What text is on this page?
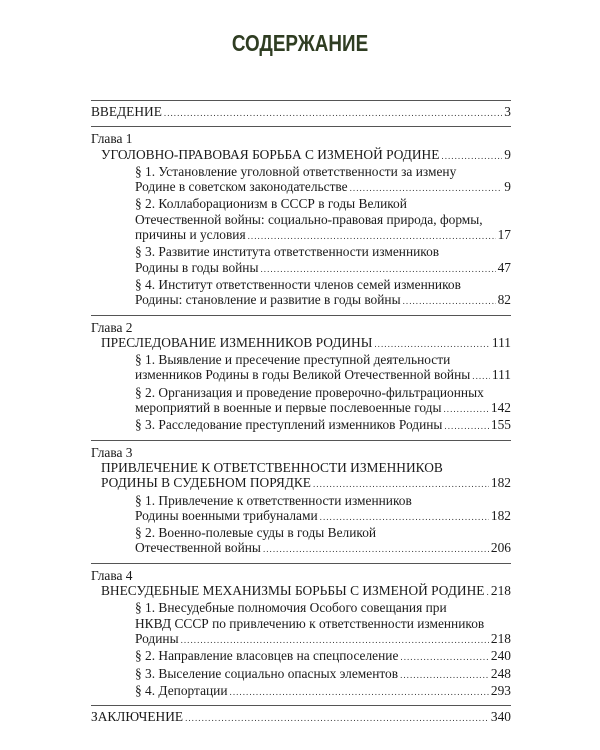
СОДЕРЖАНИЕ
ВВЕДЕНИЕ . . .	3
Глава 1
УГОЛОВНО-ПРАВОВАЯ БОРЬБА С ИЗМЕНОЙ РОДИНЕ . . .	9
§ 1. Установление уголовной ответственности за измену
Родине в советском законодательстве . . .	9
§ 2. Коллаборационизм в СССР в годы Великой
Отечественной войны: социально-правовая природа, формы,
причины и условия . . .	17
§ 3. Развитие института ответственности изменников
Родины в годы войны . . .	47
§ 4. Институт ответственности членов семей изменников
Родины: становление и развитие в годы войны . . .	82
Глава 2
ПРЕСЛЕДОВАНИЕ ИЗМЕННИКОВ РОДИНЫ . . .	111
§ 1. Выявление и пресечение преступной деятельности
изменников Родины в годы Великой Отечественной войны . . . 111
§ 2. Организация и проведение проверочно-фильтрационных
мероприятий в военные и первые послевоенные годы . . .	142
§ 3. Расследование преступлений изменников Родины . . .	155
Глава 3
ПРИВЛЕЧЕНИЕ К ОТВЕТСТВЕННОСТИ ИЗМЕННИКОВ
РОДИНЫ В СУДЕБНОМ ПОРЯДКЕ . . .	182
§ 1. Привлечение к ответственности изменников
Родины военными трибуналами . . .	182
§ 2. Военно-полевые суды в годы Великой
Отечественной войны . . .	206
Глава 4
ВНЕСУДЕБНЫЕ МЕХАНИЗМЫ БОРЬБЫ С ИЗМЕНОЙ РОДИНЕ . . . 218
§ 1. Внесудебные полномочия Особого совещания при
НКВД СССР по привлечению к ответственности изменников
Родины . . .	218
§ 2. Направление власовцев на спецпоселение . . .	240
§ 3. Выселение социально опасных элементов . . .	248
§ 4. Депортации . . .	293
ЗАКЛЮЧЕНИЕ . . .	340
